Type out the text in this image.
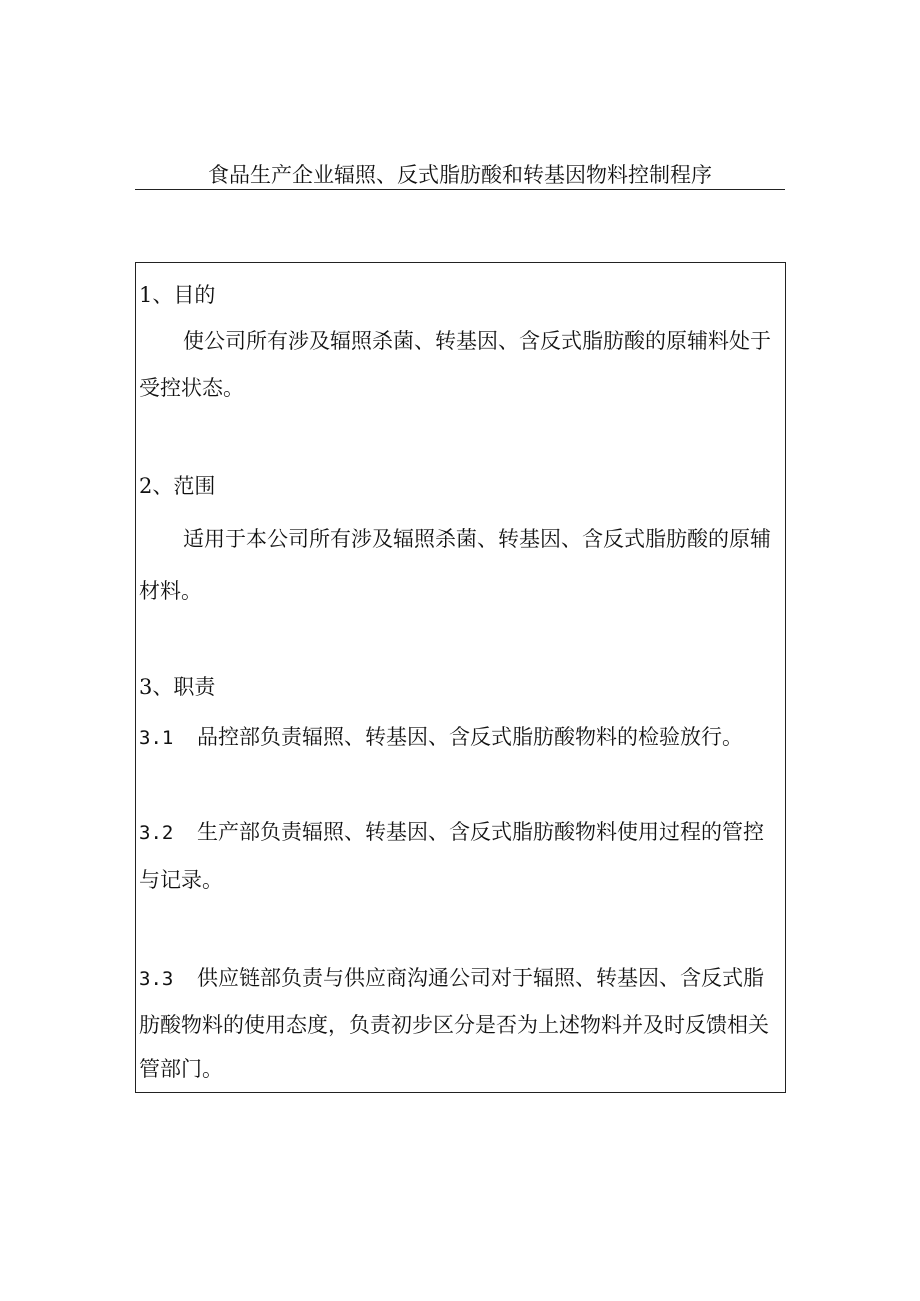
食品生产企业辐照、反式脂肪酸和转基因物料控制程序
1、目的
使公司所有涉及辐照杀菌、转基因、含反式脂肪酸的原辅料处于
受控状态。
2、范围
适用于本公司所有涉及辐照杀菌、转基因、含反式脂肪酸的原辅
材料。
3、职责
3.1 品控部负责辐照、转基因、含反式脂肪酸物料的检验放行。
3.2 生产部负责辐照、转基因、含反式脂肪酸物料使用过程的管控
与记录。
3.3 供应链部负责与供应商沟通公司对于辐照、转基因、含反式脂
肪酸物料的使用态度，负责初步区分是否为上述物料并及时反馈相关
管部门。
